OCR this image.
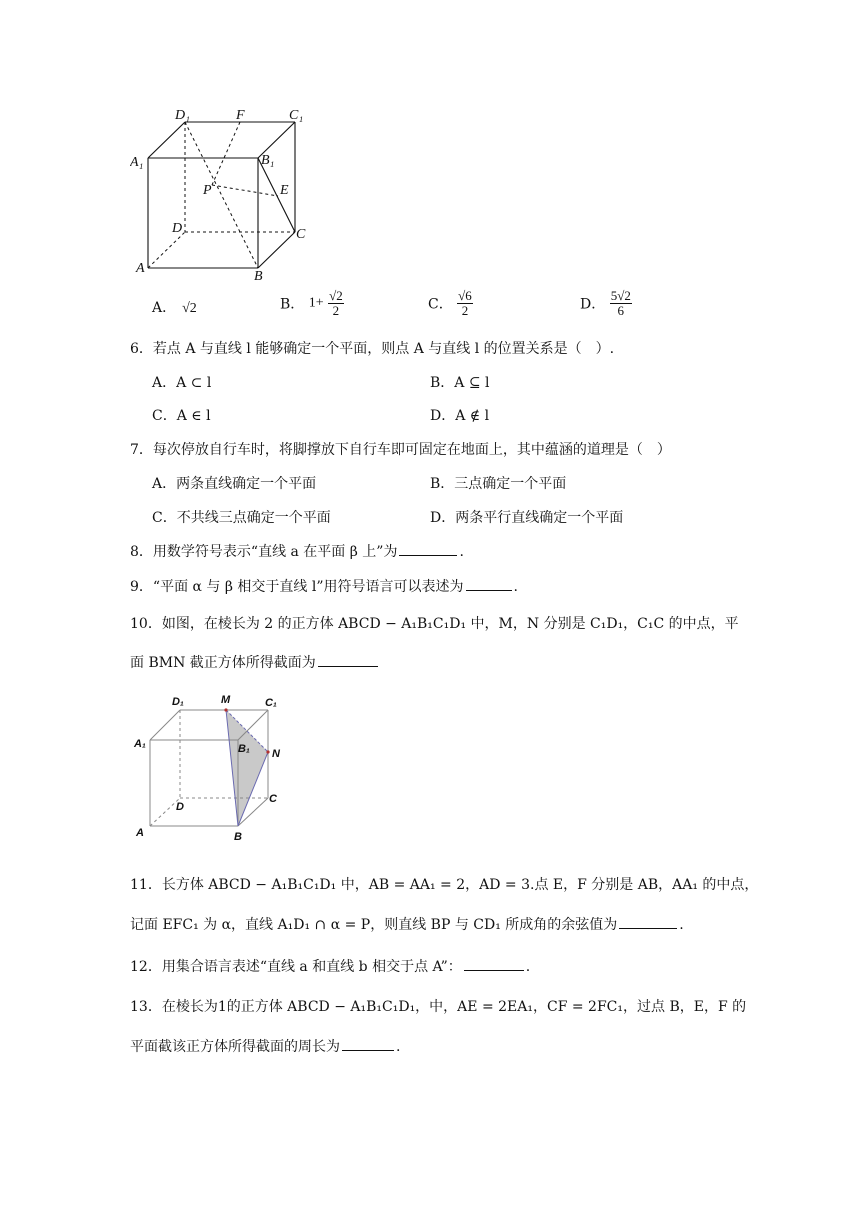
D₁	F	C₁
A₁	B₁
P	E
D	C
A
B
A． √2	B． $1+ \frac{√2}{2}$	C． $\frac{√6}{2}$	D． $\frac{5√2}{6}$
6．若点 A 与直线 l 能够确定一个平面，则点 A 与直线 l 的位置关系是（　）.
A．A ⊂ l	B．A ⊆ l
C．A ∈ l	D．A ∉ l
7．每次停放自行车时，将脚撑放下自行车即可固定在地面上，其中蕴涵的道理是（　）
A．两条直线确定一个平面	B．三点确定一个平面
C．不共线三点确定一个平面	D．两条平行直线确定一个平面
8．用数学符号表示“直线 a 在平面 β 上”为	.
9．“平面 α 与 β 相交于直线 l”用符号语言可以表述为	.
10．如图，在棱长为 2 的正方体 ABCD − A₁B₁C₁D₁ 中，M，N 分别是 C₁D₁，C₁C 的中点，平
面 BMN 截正方体所得截面为
D₁	M	C₁
A₁	B₁ N
D
C
A	B
11．长方体 ABCD − A₁B₁C₁D₁ 中，AB = AA₁ = 2，AD = 3.点 E，F 分别是 AB，AA₁ 的中点，
记面 EFC₁ 为 α，直线 A₁D₁ ∩ α = P，则直线 BP 与 CD₁ 所成角的余弦值为	.
12．用集合语言表述“直线 a 和直线 b 相交于点 A”：	.
13．在棱长为1的正方体 ABCD − A₁B₁C₁D₁，中，AE = 2EA₁，CF = 2FC₁，过点 B，E，F 的
平面截该正方体所得截面的周长为	.
